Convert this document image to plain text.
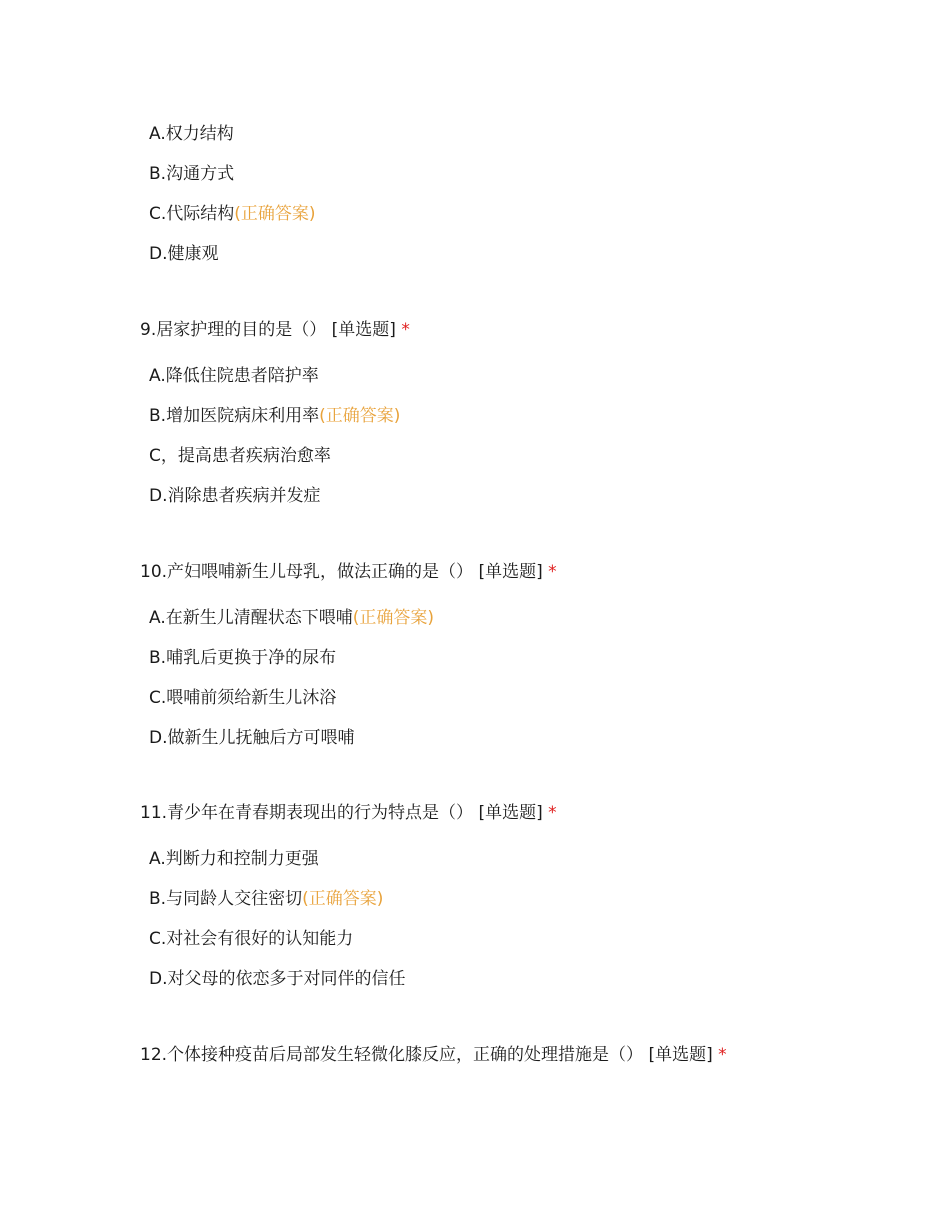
A.权力结构
B.沟通方式
C.代际结构(正确答案)
D.健康观
9.居家护理的目的是（） [单选题] *
A.降低住院患者陪护率
B.增加医院病床利用率(正确答案)
C，提高患者疾病治愈率
D.消除患者疾病并发症
10.产妇喂哺新生儿母乳，做法正确的是（） [单选题] *
A.在新生儿清醒状态下喂哺(正确答案)
B.哺乳后更换于净的尿布
C.喂哺前须给新生儿沐浴
D.做新生儿抚触后方可喂哺
11.青少年在青春期表现出的行为特点是（） [单选题] *
A.判断力和控制力更强
B.与同龄人交往密切(正确答案)
C.对社会有很好的认知能力
D.对父母的依恋多于对同伴的信任
12.个体接种疫苗后局部发生轻微化膝反应，正确的处理措施是（） [单选题] *
